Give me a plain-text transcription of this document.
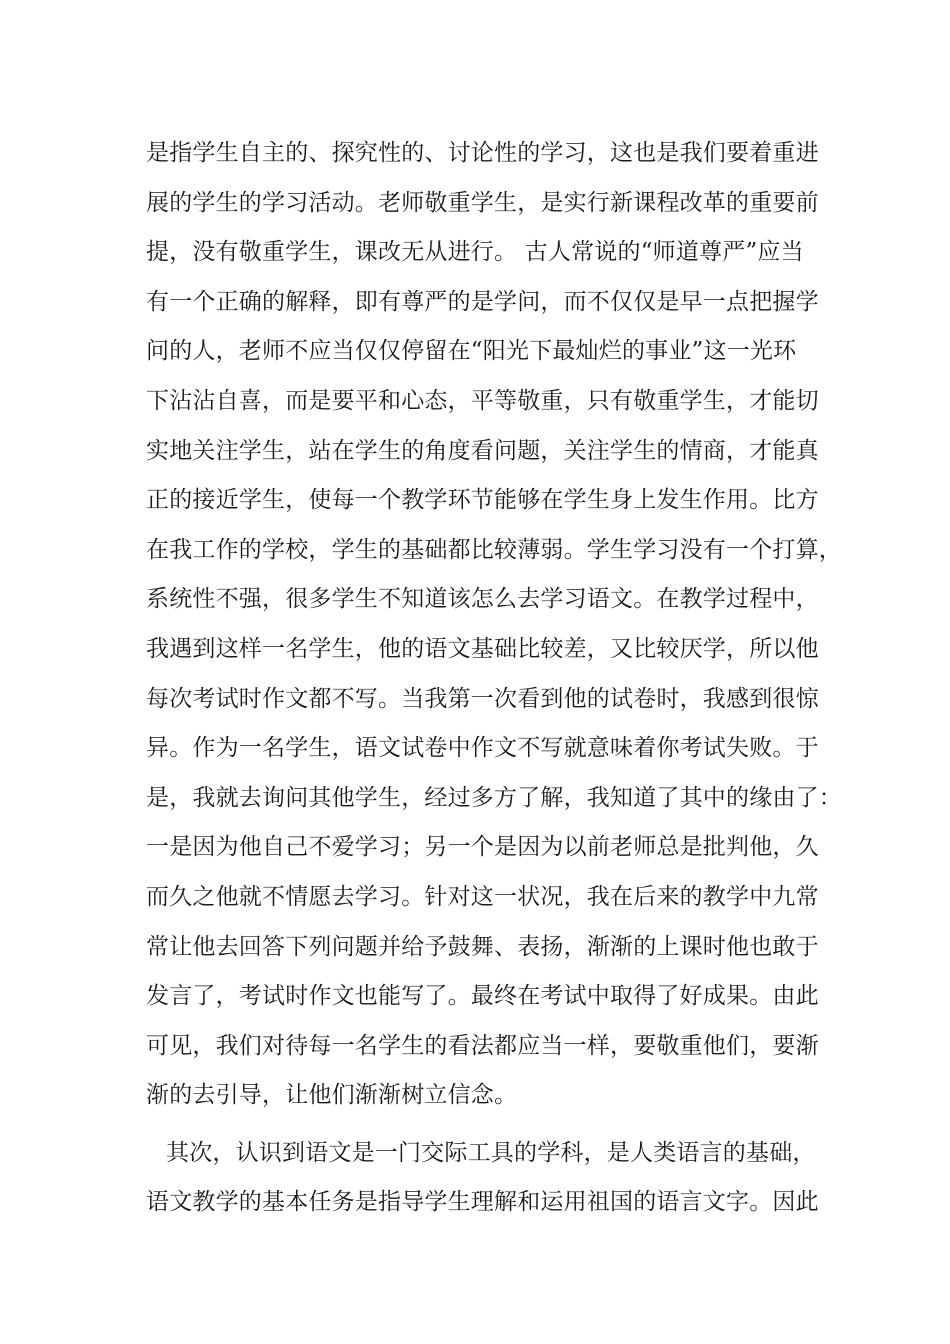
是指学生自主的、探究性的、讨论性的学习，这也是我们要着重进
展的学生的学习活动。老师敬重学生，是实行新课程改革的重要前
提，没有敬重学生，课改无从进行。 古人常说的“师道尊严”应当
有一个正确的解释，即有尊严的是学问，而不仅仅是早一点把握学
问的人，老师不应当仅仅停留在“阳光下最灿烂的事业”这一光环
下沾沾自喜，而是要平和心态，平等敬重，只有敬重学生，才能切
实地关注学生，站在学生的角度看问题，关注学生的情商，才能真
正的接近学生，使每一个教学环节能够在学生身上发生作用。比方
在我工作的学校，学生的基础都比较薄弱。学生学习没有一个打算，
系统性不强，很多学生不知道该怎么去学习语文。在教学过程中，
我遇到这样一名学生，他的语文基础比较差，又比较厌学，所以他
每次考试时作文都不写。当我第一次看到他的试卷时，我感到很惊
异。作为一名学生，语文试卷中作文不写就意味着你考试失败。于
是，我就去询问其他学生，经过多方了解，我知道了其中的缘由了：
一是因为他自己不爱学习；另一个是因为以前老师总是批判他，久
而久之他就不情愿去学习。针对这一状况，我在后来的教学中九常
常让他去回答下列问题并给予鼓舞、表扬，渐渐的上课时他也敢于
发言了，考试时作文也能写了。最终在考试中取得了好成果。由此
可见，我们对待每一名学生的看法都应当一样，要敬重他们，要渐
渐的去引导，让他们渐渐树立信念。
其次，认识到语文是一门交际工具的学科，是人类语言的基础，
语文教学的基本任务是指导学生理解和运用祖国的语言文字。因此
